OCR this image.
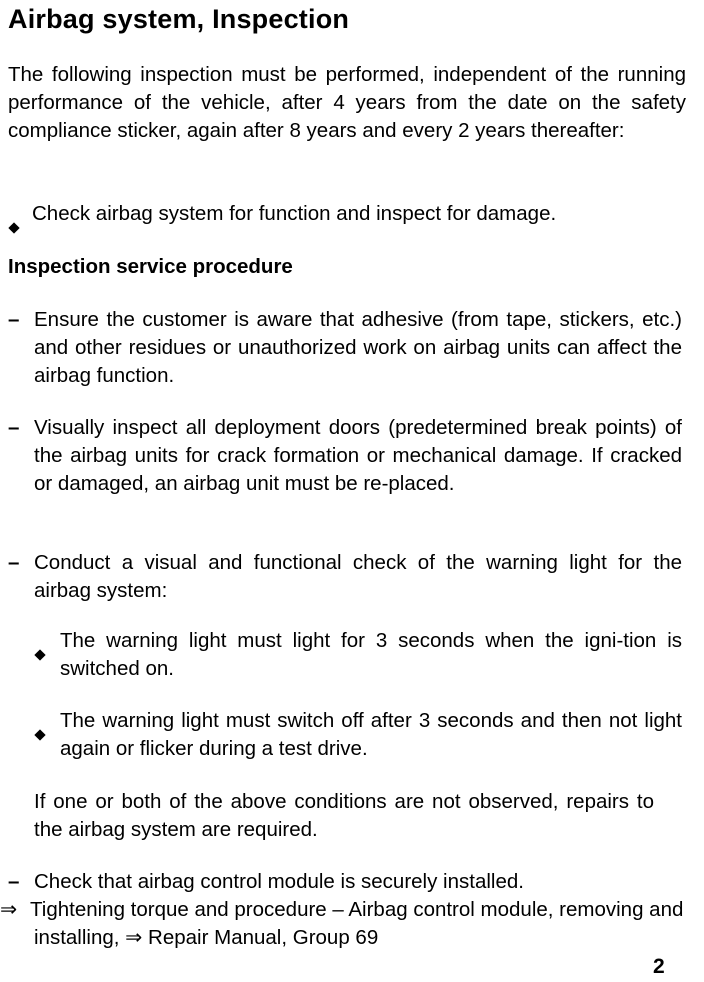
Airbag system, Inspection
The following inspection must be performed, independent of the running performance of the vehicle, after 4 years from the date on the safety compliance sticker, again after 8 years and every 2 years thereafter:
Check airbag system for function and inspect for damage.
Inspection service procedure
– Ensure the customer is aware that adhesive (from tape, stickers, etc.) and other residues or unauthorized work on airbag units can affect the airbag function.
– Visually inspect all deployment doors (predetermined break points) of the airbag units for crack formation or mechanical damage. If cracked or damaged, an airbag unit must be re-placed.
– Conduct a visual and functional check of the warning light for the airbag system:
The warning light must light for 3 seconds when the igni-tion is switched on.
The warning light must switch off after 3 seconds and then not light again or flicker during a test drive.
If one or both of the above conditions are not observed, repairs to the airbag system are required.
– Check that airbag control module is securely installed.
⇒ Tightening torque and procedure – Airbag control module, removing and installing, ⇒ Repair Manual, Group 69
2
